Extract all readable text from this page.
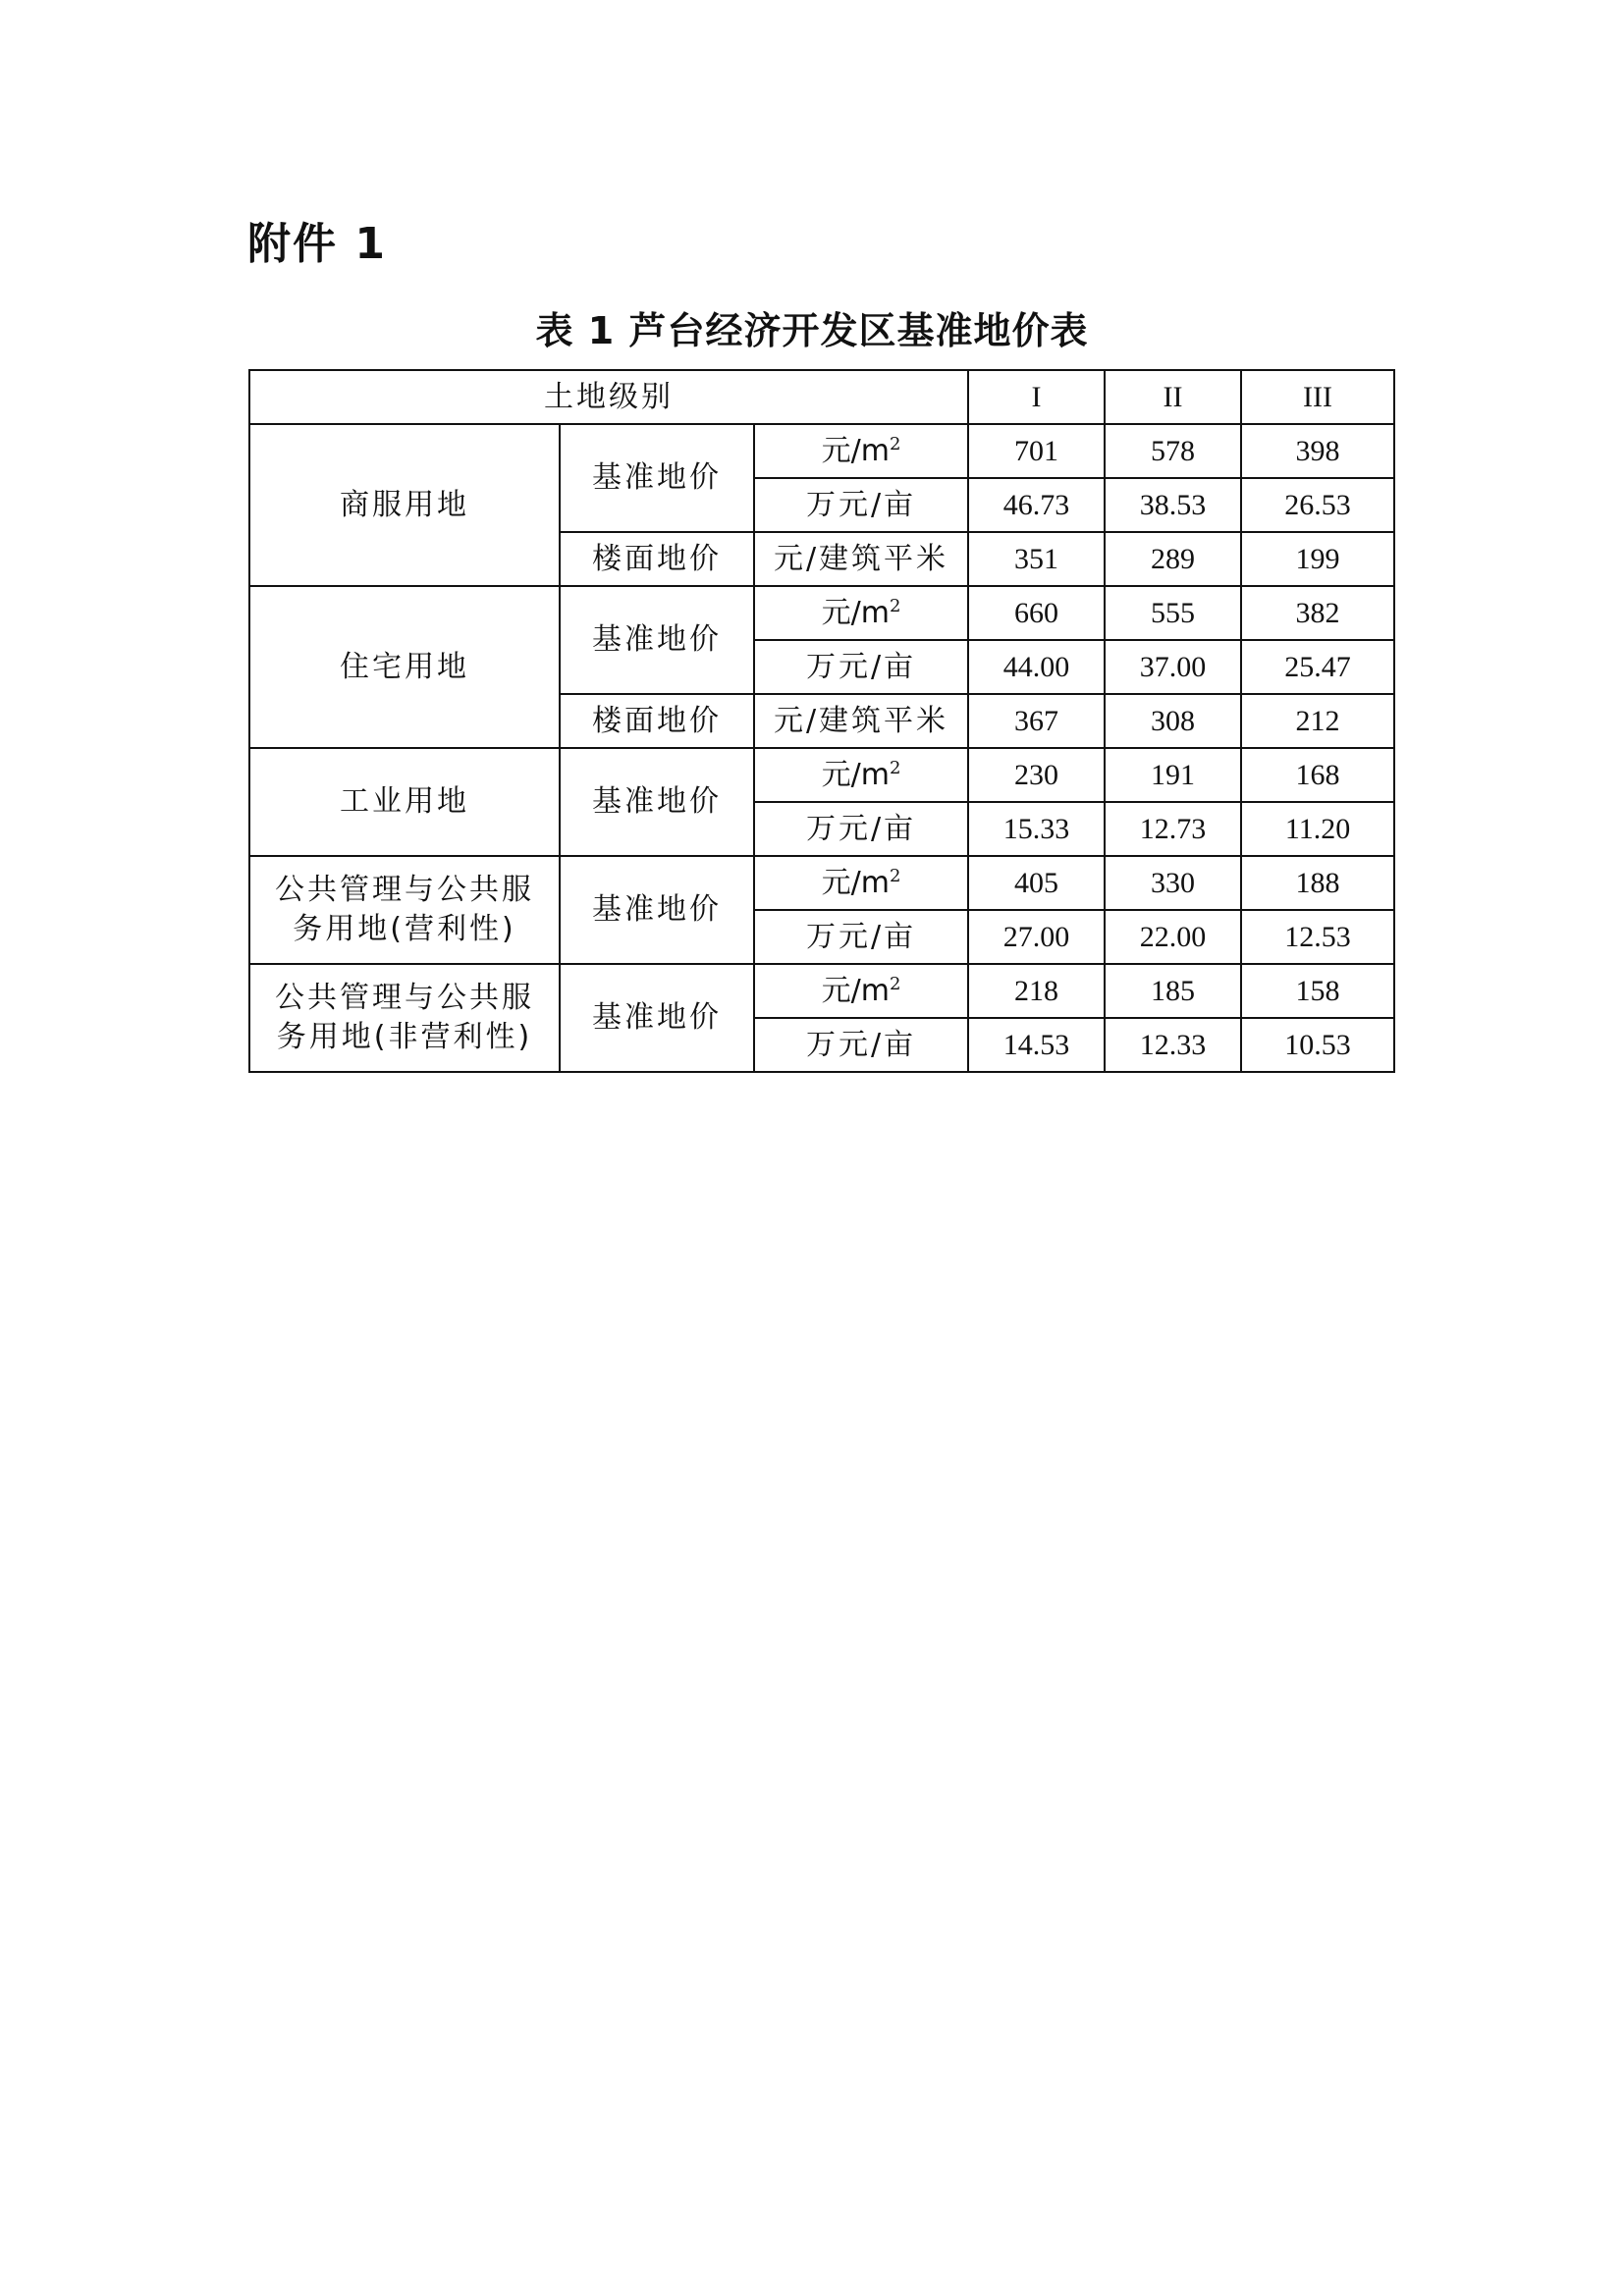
附件 1
表 1 芦台经济开发区基准地价表
土地级别			I	II	III
商服用地	基准地价	元$/m^2$	701	578	398
		万元/亩	46.73	38.53	26.53
	楼面地价	元/建筑平米	351	289	199
住宅用地	基准地价	元$/m^2$	660	555	382
		万元/亩	44.00	37.00	25.47
	楼面地价	元/建筑平米	367	308	212
工业用地	基准地价	元$/m^2$	230	191	168
		万元/亩	15.33	12.73	11.20

公共管理与公共服
务用地(营利性)	基准地价	元$/m^2$	405	330	188
		万元/亩	27.00	22.00	12.53

公共管理与公共服
务用地(非营利性)	基准地价	元$/m^2$	218	185	158
		万元/亩	14.53	12.33	10.53
